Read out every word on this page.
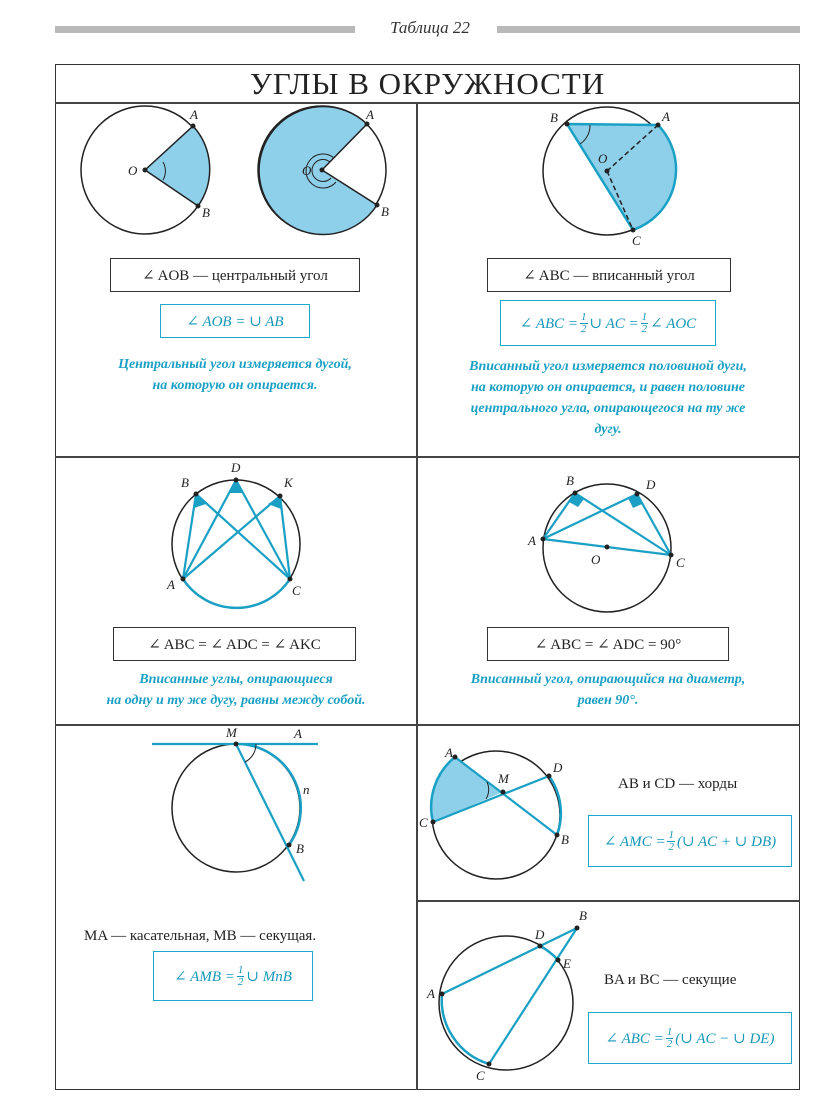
Таблица 22
УГЛЫ В ОКРУЖНОСТИ
O
A
B
O
A
B
∠ AOB — центральный угол
∠ AOB = ∪ AB
Центральный угол измеряется дугой,
на которую он опирается.
B	A
O
C
∠ ABC — вписанный угол
∠ ABC = $\frac{1}{2}$ ∪ AC = $\frac{1}{2}$ ∠ AOC
Вписанный угол измеряется половиной дуги,
на которую он опирается, и равен половине
центрального угла, опирающегося на ту же
дугу.
B
D
K
A	C
∠ ABC = ∠ ADC = ∠ AKC
Вписанные углы, опирающиеся
на одну и ту же дугу, равны между собой.
B	D
A
O	C
∠ ABC = ∠ ADC = 90°
Вписанный угол, опирающийся на диаметр,
равен 90°.
M	A
n
B
MA — касательная, MB — секущая.
∠ AMB = $\frac{1}{2}$ ∪ MnB
A
M
D
C
B
AB и CD — хорды
∠ AMC = $\frac{1}{2}$ (∪ AC + ∪ DB)
B
D
E
A
C
BA и BC — секущие
∠ ABC = $\frac{1}{2}$ (∪ AC − ∪ DE)
